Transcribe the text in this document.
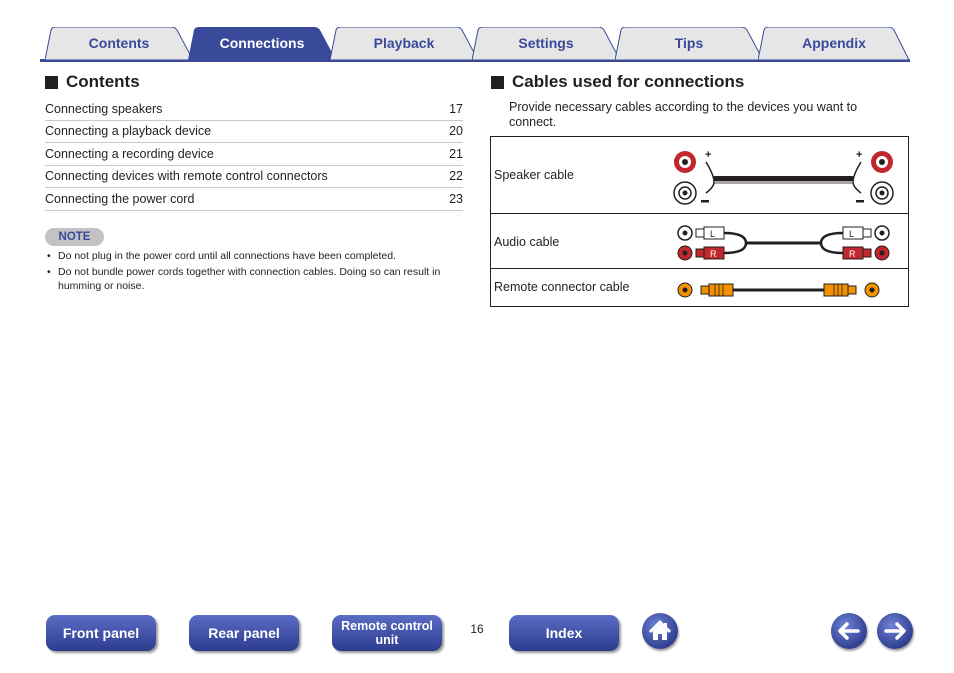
Contents	Connections	Playback	Settings	Tips	Appendix
Contents
Connecting speakers	17
Connecting a playback device	20
Connecting a recording device	21
Connecting devices with remote control connectors	22
Connecting the power cord	23
NOTE
• Do not plug in the power cord until all connections have been completed.
• Do not bundle power cords together with connection cables. Doing so can result in humming or noise.
Cables used for connections
Provide necessary cables according to the devices you want to connect.
Speaker cable
+	+
Audio cable
L
R
L
R
Remote connector cable
Front panel	Rear panel	Remote control
unit
16	Index
